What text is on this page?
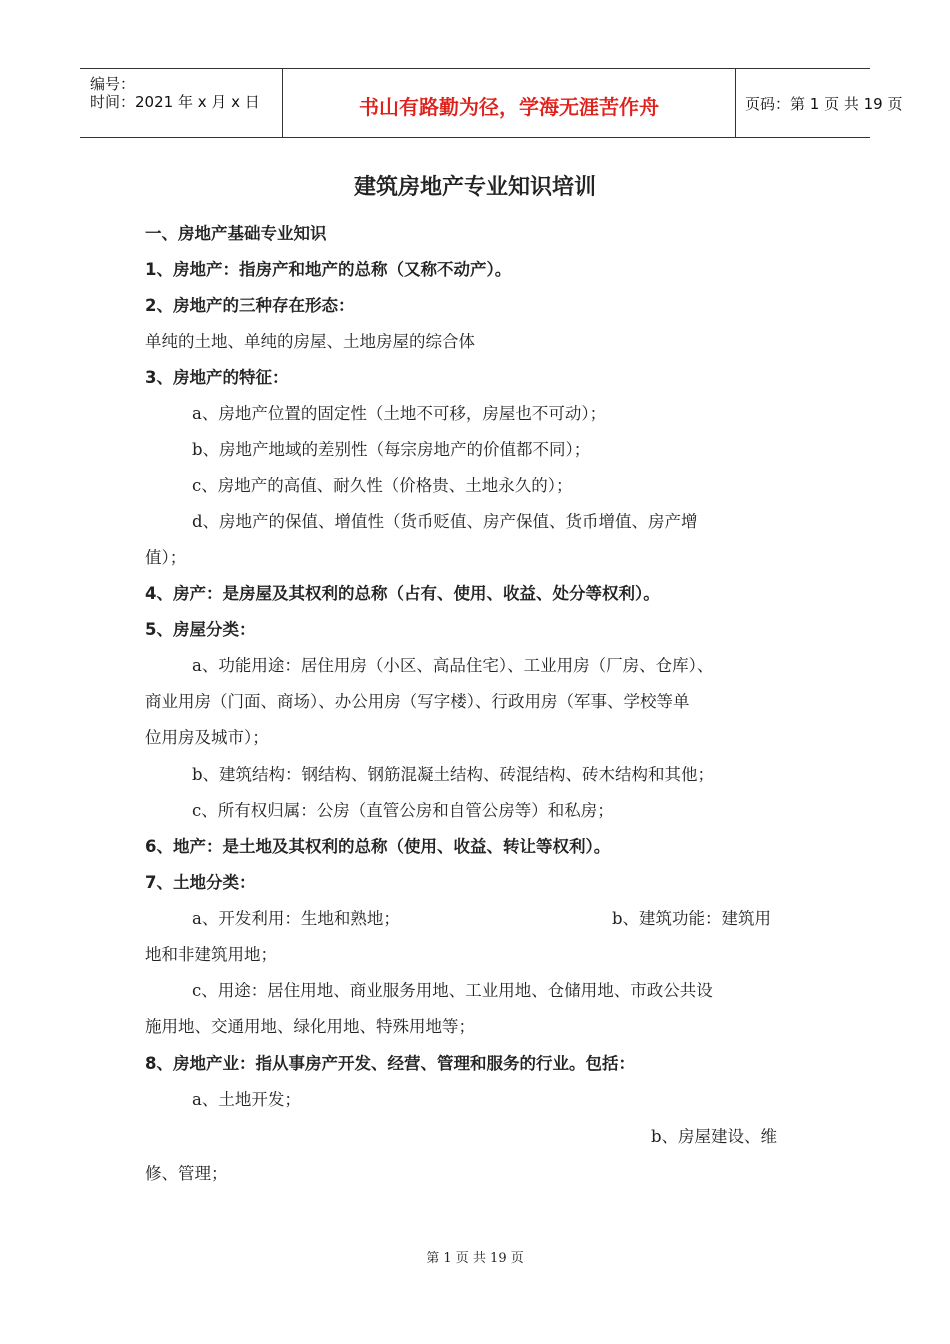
编号：
时间：2021 年 x 月 x 日	书山有路勤为径，学海无涯苦作舟	页码：第 1 页 共 19 页
建筑房地产专业知识培训
一、房地产基础专业知识
1、房地产：指房产和地产的总称（又称不动产）。
2、房地产的三种存在形态：
单纯的土地、单纯的房屋、土地房屋的综合体
3、房地产的特征：
a、房地产位置的固定性（土地不可移，房屋也不可动）；
b、房地产地域的差别性（每宗房地产的价值都不同）；
c、房地产的高值、耐久性（价格贵、土地永久的）；
d、房地产的保值、增值性（货币贬值、房产保值、货币增值、房产增
值）；
4、房产：是房屋及其权利的总称（占有、使用、收益、处分等权利）。
5、房屋分类：
a、功能用途：居住用房（小区、高品住宅）、工业用房（厂房、仓库）、
商业用房（门面、商场）、办公用房（写字楼）、行政用房（军事、学校等单
位用房及城市）；
b、建筑结构：钢结构、钢筋混凝土结构、砖混结构、砖木结构和其他；
c、所有权归属：公房（直管公房和自管公房等）和私房；
6、地产：是土地及其权利的总称（使用、收益、转让等权利）。
7、土地分类：
a、开发利用：生地和熟地；	b、建筑功能：建筑用
地和非建筑用地；
c、用途：居住用地、商业服务用地、工业用地、仓储用地、市政公共设
施用地、交通用地、绿化用地、特殊用地等；
8、房地产业：指从事房产开发、经营、管理和服务的行业。包括：
a、土地开发；
b、房屋建设、维
修、管理；
第 1 页 共 19 页
